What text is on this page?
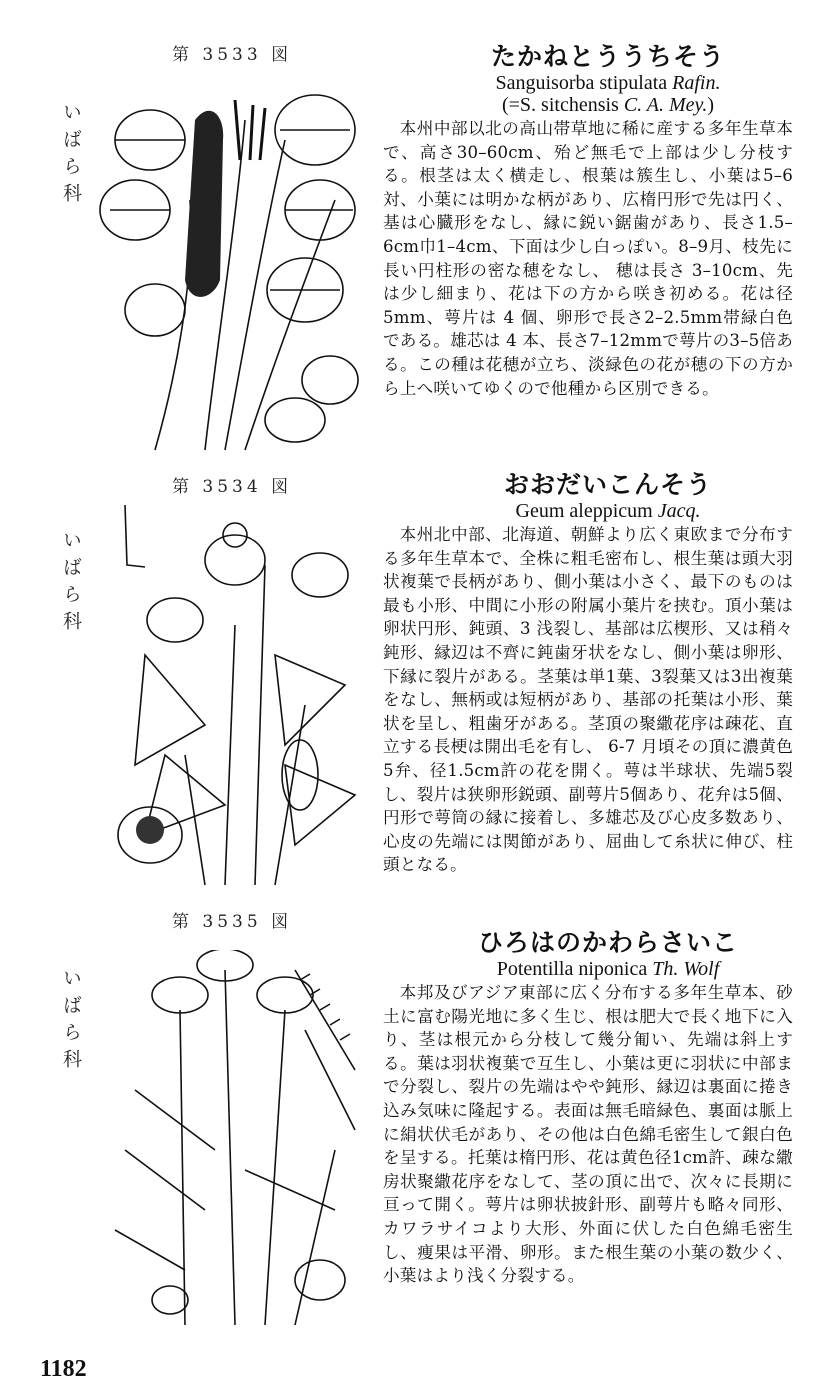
第 3533 図
いばら科
たかねとううちそう
Sanguisorba stipulata Rafin.
(=S. sitchensis C. A. Mey.)
本州中部以北の高山帯草地に稀に産する多年生草本で、高さ30–60cm、殆ど無毛で上部は少し分枝する。根茎は太く横走し、根葉は簇生し、小葉は5–6対、小葉には明かな柄があり、広楕円形で先は円く、基は心臓形をなし、縁に鋭い鋸歯があり、長さ1.5–6cm巾1–4cm、下面は少し白っぽい。8–9月、枝先に長い円柱形の密な穂をなし、 穂は長さ 3–10cm、先は少し細まり、花は下の方から咲き初める。花は径5mm、萼片は 4 個、卵形で長さ2–2.5mm帯緑白色である。雄芯は 4 本、長さ7–12mmで萼片の3–5倍ある。この種は花穂が立ち、淡緑色の花が穂の下の方から上へ咲いてゆくので他種から区別できる。
第 3534 図
いばら科
おおだいこんそう
Geum aleppicum Jacq.
本州北中部、北海道、朝鮮より広く東欧まで分布する多年生草本で、全株に粗毛密布し、根生葉は頭大羽状複葉で長柄があり、側小葉は小さく、最下のものは最も小形、中間に小形の附属小葉片を挟む。頂小葉は卵状円形、鈍頭、3 浅裂し、基部は広楔形、又は稍々鈍形、縁辺は不齊に鈍歯牙状をなし、側小葉は卵形、下縁に裂片がある。茎葉は単1葉、3裂葉又は3出複葉をなし、無柄或は短柄があり、基部の托葉は小形、葉状を呈し、粗歯牙がある。茎頂の聚繖花序は疎花、直立する長梗は開出毛を有し、 6-7 月頃その頂に濃黄色5弁、径1.5cm許の花を開く。萼は半球状、先端5裂し、裂片は狭卵形鋭頭、副萼片5個あり、花弁は5個、円形で萼筒の縁に接着し、多雄芯及び心皮多数あり、心皮の先端には関節があり、屈曲して糸状に伸び、柱頭となる。
第 3535 図
いばら科
ひろはのかわらさいこ
Potentilla niponica Th. Wolf
本邦及びアジア東部に広く分布する多年生草本、砂土に富む陽光地に多く生じ、根は肥大で長く地下に入り、茎は根元から分枝して幾分匍い、先端は斜上する。葉は羽状複葉で互生し、小葉は更に羽状に中部まで分裂し、裂片の先端はやや鈍形、縁辺は裏面に捲き込み気味に隆起する。表面は無毛暗緑色、裏面は脈上に絹状伏毛があり、その他は白色綿毛密生して銀白色を呈する。托葉は楕円形、花は黄色径1cm許、疎な繖房状聚繖花序をなして、茎の頂に出で、次々に長期に亘って開く。萼片は卵状披針形、副萼片も略々同形、カワラサイコより大形、外面に伏した白色綿毛密生し、痩果は平滑、卵形。また根生葉の小葉の数少く、小葉はより浅く分裂する。
1182
